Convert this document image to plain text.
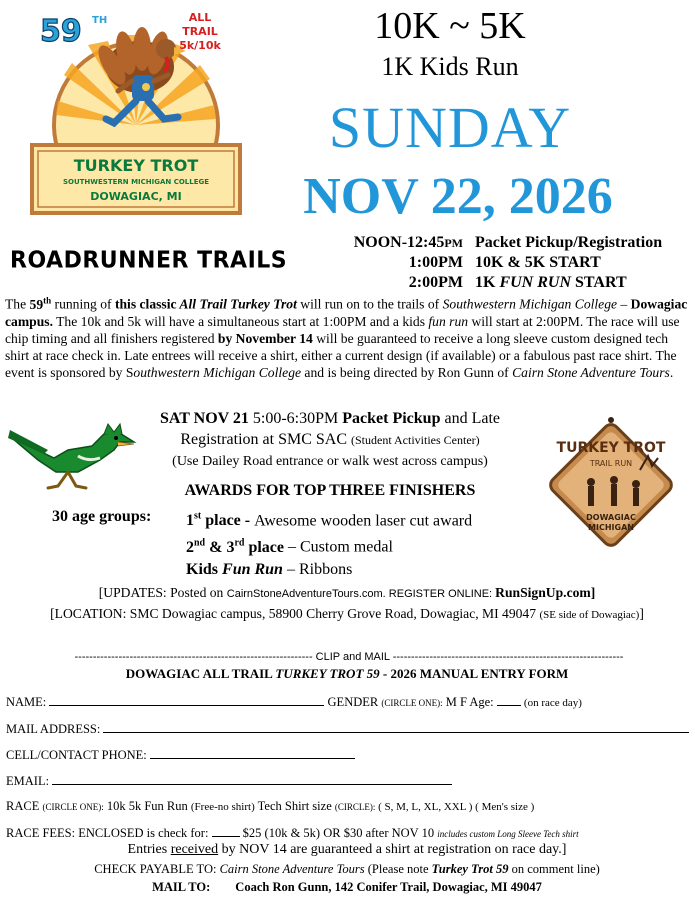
59 TH	ALL
TRAIL
5k/10k
TURKEY TROT
SOUTHWESTERN MICHIGAN COLLEGE
DOWAGIAC, MI
10K ~ 5K
1K Kids Run
SUNDAY
NOV 22, 2026
ROADRUNNER TRAILS
NOON-12:45PM Packet Pickup/Registration
1:00PM 10K & 5K START
2:00PM 1K FUN RUN START
The 59th running of this classic All Trail Turkey Trot will run on to the trails of Southwestern Michigan College – Dowagiac campus. The 10k and 5k will have a simultaneous start at 1:00PM and a kids fun run will start at 2:00PM. The race will use chip timing and all finishers registered by November 14 will be guaranteed to receive a long sleeve custom designed tech shirt at race check in. Late entrees will receive a shirt, either a current design (if available) or a fabulous past race shirt. The event is sponsored by Southwestern Michigan College and is being directed by Ron Gunn of Cairn Stone Adventure Tours.
SAT NOV 21 5:00-6:30PM Packet Pickup and Late
Registration at SMC SAC (Student Activities Center)
(Use Dailey Road entrance or walk west across campus)
AWARDS FOR TOP THREE FINISHERS
30 age groups: 1st place - Awesome wooden laser cut award
2nd & 3rd place – Custom medal
Kids Fun Run – Ribbons
TURKEY TROT
TRAIL RUN
DOWAGIAC
MICHIGAN
[UPDATES: Posted on CairnStoneAdventureTours.com. REGISTER ONLINE: RunSignUp.com]
[LOCATION: SMC Dowagiac campus, 58900 Cherry Grove Road, Dowagiac, MI 49047 (SE side of Dowagiac)]
----------------------------------------------------------------- CLIP and MAIL ---------------------------------------------------------------
DOWAGIAC ALL TRAIL TURKEY TROT 59 - 2026 MANUAL ENTRY FORM
NAME:	GENDER (CIRCLE ONE): M F Age:  (on race day)
MAIL ADDRESS:
CELL/CONTACT PHONE:
EMAIL:
RACE (CIRCLE ONE): 10k 5k Fun Run (Free-no shirt) Tech Shirt size (CIRCLE): ( S, M, L, XL, XXL ) ( Men's size )
RACE FEES: ENCLOSED is check for:  $25 (10k & 5k) OR $30 after NOV 10 includes custom Long Sleeve Tech shirt
Entries received by NOV 14 are guaranteed a shirt at registration on race day.]
CHECK PAYABLE TO: Cairn Stone Adventure Tours (Please note Turkey Trot 59 on comment line)
MAIL TO: Coach Ron Gunn, 142 Conifer Trail, Dowagiac, MI 49047
